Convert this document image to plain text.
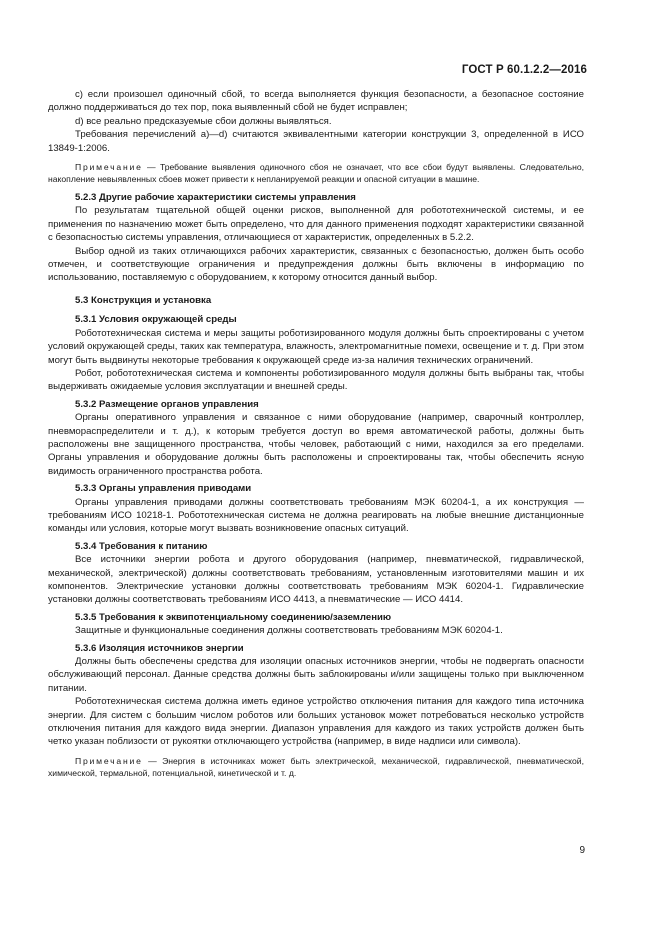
ГОСТ Р 60.1.2.2—2016
с) если произошел одиночный сбой, то всегда выполняется функция безопасности, а безопасное состояние должно поддерживаться до тех пор, пока выявленный сбой не будет исправлен;
d) все реально предсказуемые сбои должны выявляться.
Требования перечислений а)—d) считаются эквивалентными категории конструкции 3, определенной в ИСО 13849-1:2006.
Примечание — Требование выявления одиночного сбоя не означает, что все сбои будут выявлены. Следовательно, накопление невыявленных сбоев может привести к непланируемой реакции и опасной ситуации в машине.
5.2.3 Другие рабочие характеристики системы управления
По результатам тщательной общей оценки рисков, выполненной для робототехнической системы, и ее применения по назначению может быть определено, что для данного применения подходят характеристики связанной с безопасностью системы управления, отличающиеся от характеристик, определенных в 5.2.2.
Выбор одной из таких отличающихся рабочих характеристик, связанных с безопасностью, должен быть особо отмечен, и соответствующие ограничения и предупреждения должны быть включены в информацию по использованию, поставляемую с оборудованием, к которому относится данный выбор.
5.3 Конструкция и установка
5.3.1 Условия окружающей среды
Робототехническая система и меры защиты роботизированного модуля должны быть спроектированы с учетом условий окружающей среды, таких как температура, влажность, электромагнитные помехи, освещение и т. д. При этом могут быть выдвинуты некоторые требования к окружающей среде из-за наличия технических ограничений.
Робот, робототехническая система и компоненты роботизированного модуля должны быть выбраны так, чтобы выдерживать ожидаемые условия эксплуатации и внешней среды.
5.3.2 Размещение органов управления
Органы оперативного управления и связанное с ними оборудование (например, сварочный контроллер, пневмораспределители и т. д.), к которым требуется доступ во время автоматической работы, должны быть расположены вне защищенного пространства, чтобы человек, работающий с ними, находился за его пределами. Органы управления и оборудование должны быть расположены и спроектированы так, чтобы обеспечить ясную видимость ограниченного пространства робота.
5.3.3 Органы управления приводами
Органы управления приводами должны соответствовать требованиям МЭК 60204-1, а их конструкция — требованиям ИСО 10218-1. Робототехническая система не должна реагировать на любые внешние дистанционные команды или условия, которые могут вызвать возникновение опасных ситуаций.
5.3.4 Требования к питанию
Все источники энергии робота и другого оборудования (например, пневматической, гидравлической, механической, электрической) должны соответствовать требованиям, установленным изготовителями машин и их компонентов. Электрические установки должны соответствовать требованиям МЭК 60204-1. Гидравлические установки должны соответствовать требованиям ИСО 4413, а пневматические — ИСО 4414.
5.3.5 Требования к эквипотенциальному соединению/заземлению
Защитные и функциональные соединения должны соответствовать требованиям МЭК 60204-1.
5.3.6 Изоляция источников энергии
Должны быть обеспечены средства для изоляции опасных источников энергии, чтобы не подвергать опасности обслуживающий персонал. Данные средства должны быть заблокированы и/или защищены только при выключенном питании.
Робототехническая система должна иметь единое устройство отключения питания для каждого типа источника энергии. Для систем с большим числом роботов или больших установок может потребоваться несколько устройств отключения питания для каждого вида энергии. Диапазон управления для каждого из таких устройств должен быть четко указан поблизости от рукоятки отключающего устройства (например, в виде надписи или символа).
Примечание — Энергия в источниках может быть электрической, механической, гидравлической, пневматической, химической, термальной, потенциальной, кинетической и т. д.
9
